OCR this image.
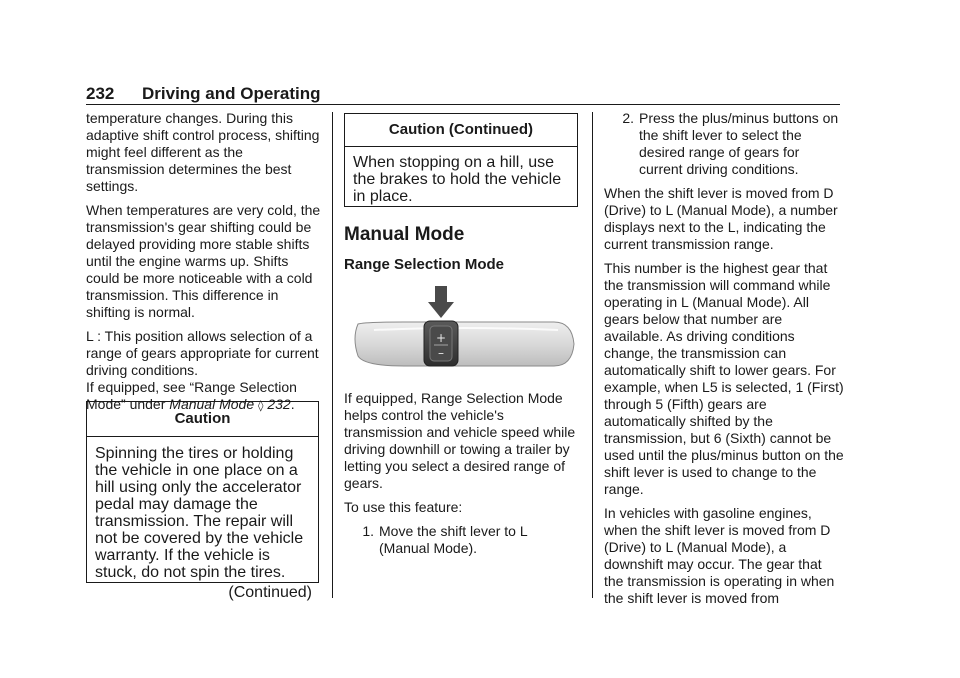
232 Driving and Operating

temperature changes. During this adaptive shift control process, shifting might feel different as the transmission determines the best settings.

When temperatures are very cold, the transmission's gear shifting could be delayed providing more stable shifts until the engine warms up. Shifts could be more noticeable with a cold transmission. This difference in shifting is normal.

L : This position allows selection of a range of gears appropriate for current driving conditions.
If equipped, see “Range Selection Mode” under Manual Mode ◊ 232.

Caution
Spinning the tires or holding the vehicle in one place on a hill using only the accelerator pedal may damage the transmission. The repair will not be covered by the vehicle warranty. If the vehicle is stuck, do not spin the tires.
(Continued)
Caution (Continued)
When stopping on a hill, use the brakes to hold the vehicle in place.
Manual Mode
Range Selection Mode
+
–

If equipped, Range Selection Mode helps control the vehicle's transmission and vehicle speed while driving downhill or towing a trailer by letting you select a desired range of gears.

To use this feature:

1. Move the shift lever to L (Manual Mode).
2. Press the plus/minus buttons on the shift lever to select the desired range of gears for current driving conditions.

When the shift lever is moved from D (Drive) to L (Manual Mode), a number displays next to the L, indicating the current transmission range.

This number is the highest gear that the transmission will command while operating in L (Manual Mode). All gears below that number are available. As driving conditions change, the transmission can automatically shift to lower gears. For example, when L5 is selected, 1 (First) through 5 (Fifth) gears are automatically shifted by the transmission, but 6 (Sixth) cannot be used until the plus/minus button on the shift lever is used to change to the range.

In vehicles with gasoline engines, when the shift lever is moved from D (Drive) to L (Manual Mode), a downshift may occur. The gear that the transmission is operating in when the shift lever is moved from
